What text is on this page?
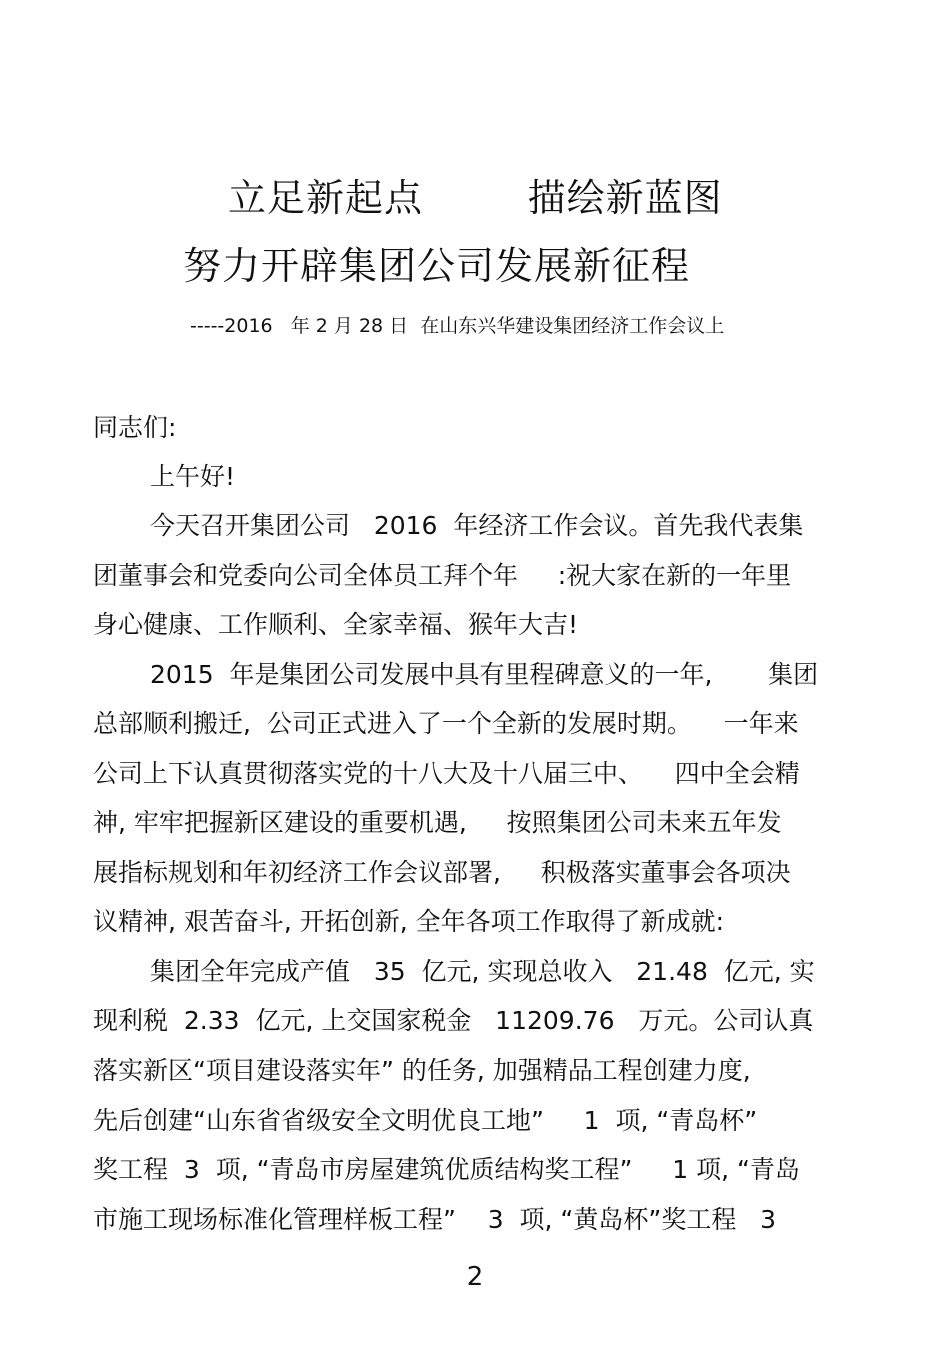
立足新起点        描绘新蓝图
努力开辟集团公司发展新征程
-----2016   年 2 月 28 日  在山东兴华建设集团经济工作会议上
同志们:
上午好!
今天召开集团公司   2016  年经济工作会议。首先我代表集
团董事会和党委向公司全体员工拜个年     :祝大家在新的一年里
身心健康、工作顺利、全家幸福、猴年大吉!
2015  年是集团公司发展中具有里程碑意义的一年,       集团
总部顺利搬迁,  公司正式进入了一个全新的发展时期。    一年来
公司上下认真贯彻落实党的十八大及十八届三中、    四中全会精
神, 牢牢把握新区建设的重要机遇,     按照集团公司未来五年发
展指标规划和年初经济工作会议部署,     积极落实董事会各项决
议精神, 艰苦奋斗, 开拓创新, 全年各项工作取得了新成就:
集团全年完成产值   35  亿元, 实现总收入   21.48  亿元, 实
现利税  2.33  亿元, 上交国家税金   11209.76   万元。公司认真
落实新区“项目建设落实年” 的任务, 加强精品工程创建力度,
先后创建“山东省省级安全文明优良工地”     1  项, “青岛杯”
奖工程  3  项, “青岛市房屋建筑优质结构奖工程”     1 项, “青岛
市施工现场标准化管理样板工程”    3  项, “黄岛杯”奖工程   3
2
